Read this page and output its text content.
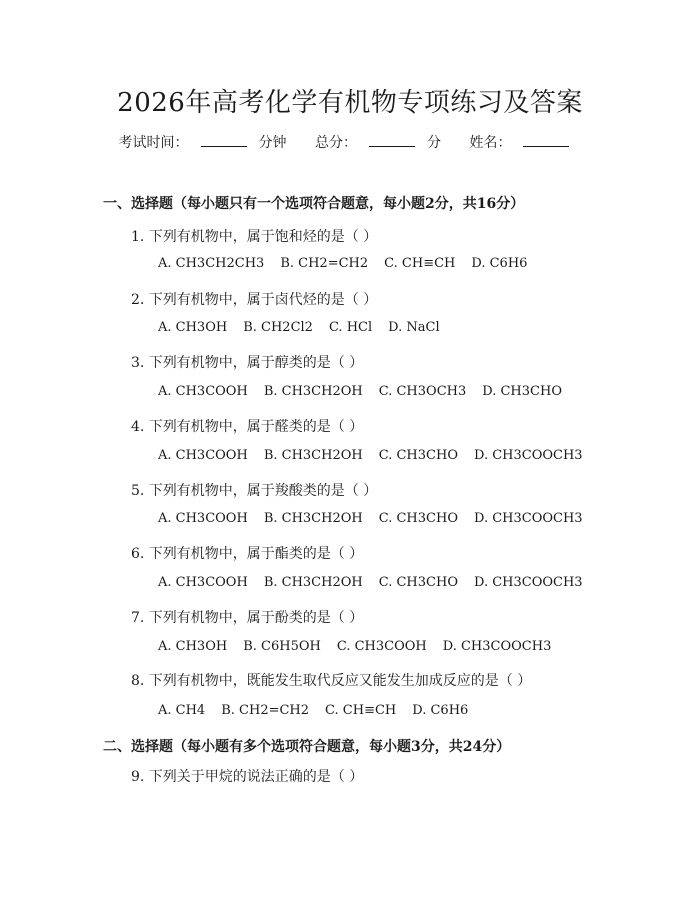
2026年高考化学有机物专项练习及答案
考试时间：	分钟 总分：	分 姓名：
一、选择题（每小题只有一个选项符合题意，每小题2分，共16分）
1. 下列有机物中，属于饱和烃的是（ ）
A. CH3CH2CH3 B. CH2=CH2 C. CH≡CH D. C6H6
2. 下列有机物中，属于卤代烃的是（ ）
A. CH3OH B. CH2Cl2 C. HCl D. NaCl
3. 下列有机物中，属于醇类的是（ ）
A. CH3COOH B. CH3CH2OH C. CH3OCH3 D. CH3CHO
4. 下列有机物中，属于醛类的是（ ）
A. CH3COOH B. CH3CH2OH C. CH3CHO D. CH3COOCH3
5. 下列有机物中，属于羧酸类的是（ ）
A. CH3COOH B. CH3CH2OH C. CH3CHO D. CH3COOCH3
6. 下列有机物中，属于酯类的是（ ）
A. CH3COOH B. CH3CH2OH C. CH3CHO D. CH3COOCH3
7. 下列有机物中，属于酚类的是（ ）
A. CH3OH B. C6H5OH C. CH3COOH D. CH3COOCH3
8. 下列有机物中，既能发生取代反应又能发生加成反应的是（ ）
A. CH4 B. CH2=CH2 C. CH≡CH D. C6H6
二、选择题（每小题有多个选项符合题意，每小题3分，共24分）
9. 下列关于甲烷的说法正确的是（ ）
